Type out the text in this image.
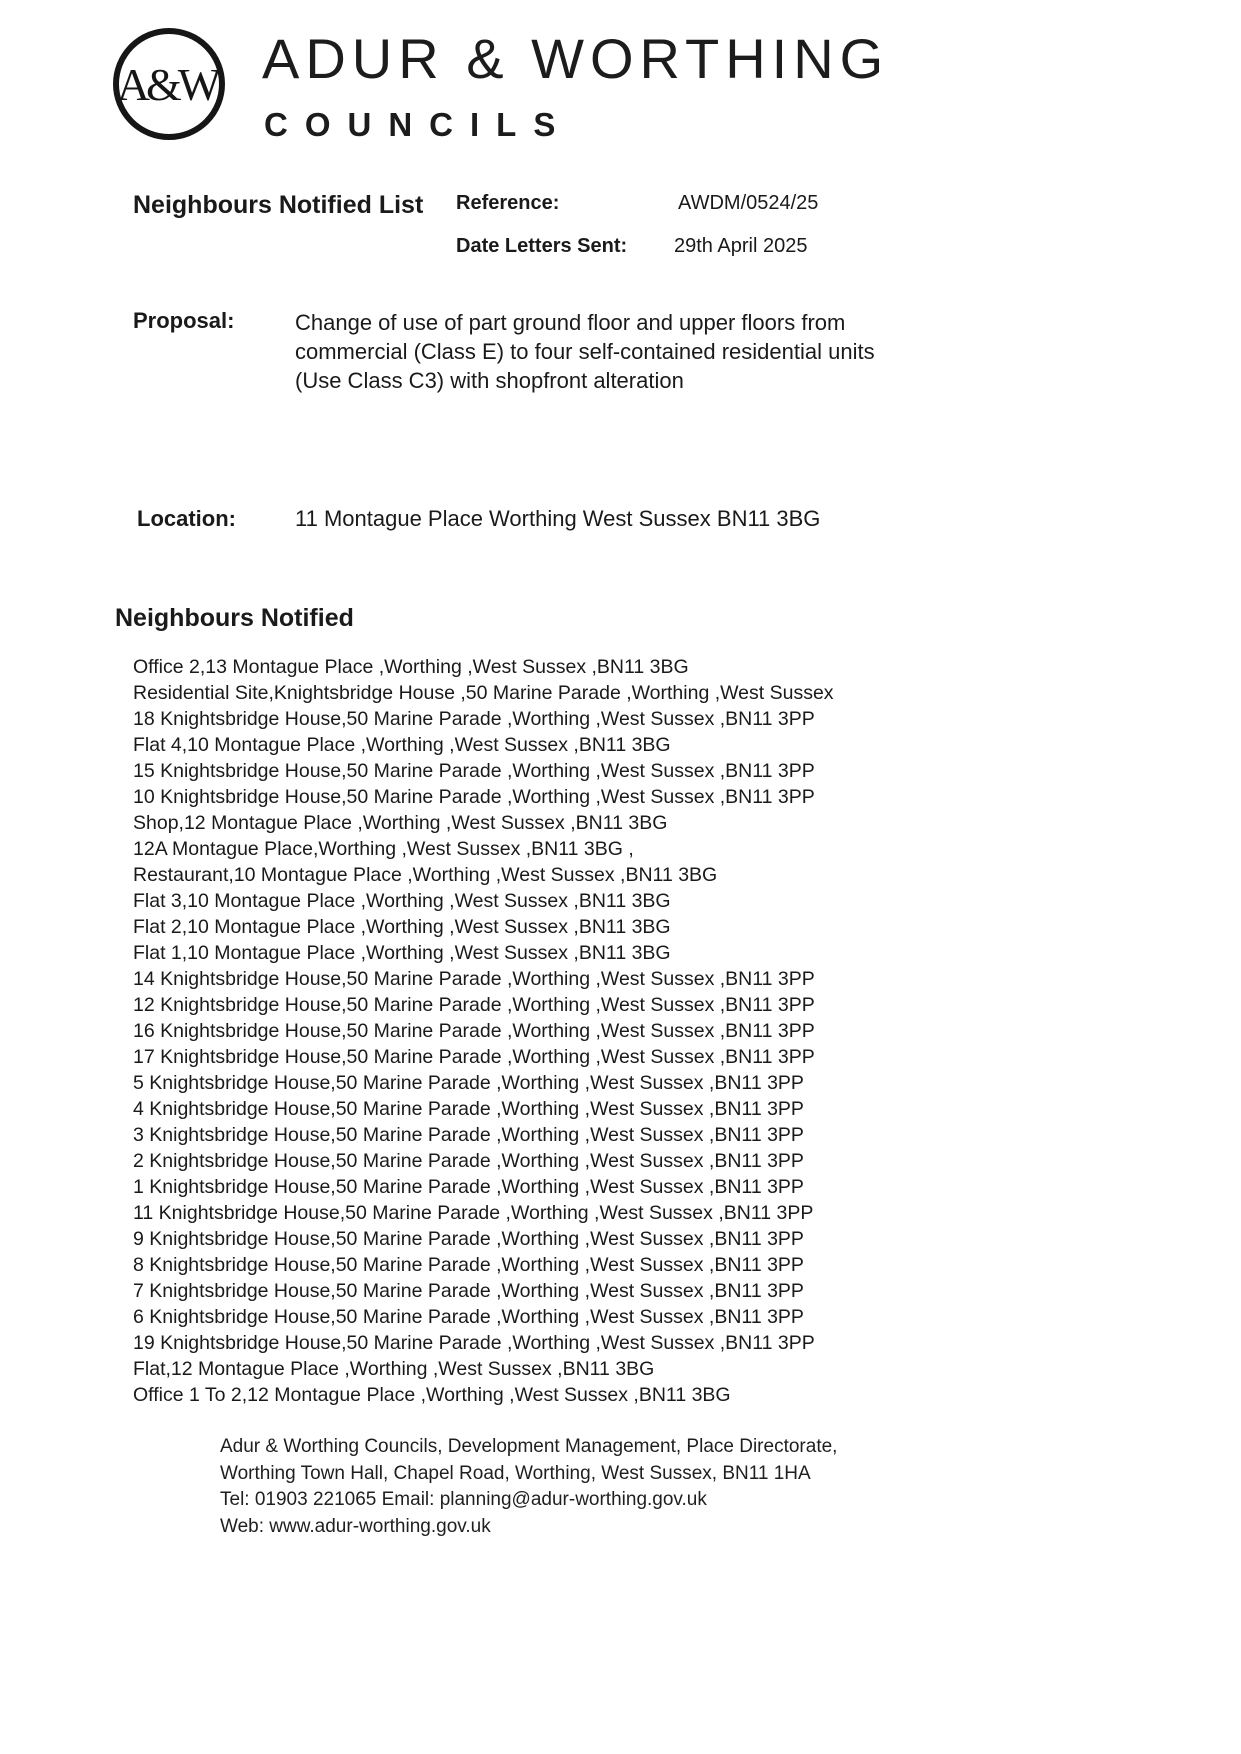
A&W ADUR & WORTHING
COUNCILS
Neighbours Notified List Reference:	AWDM/0524/25
Date Letters Sent: 29th April 2025
Proposal:	Change of use of part ground floor and upper floors from commercial (Class E) to four self-contained residential units (Use Class C3) with shopfront alteration
Location:	11 Montague Place Worthing West Sussex BN11 3BG
Neighbours Notified
Office 2,13 Montague Place ,Worthing ,West Sussex ,BN11 3BG
Residential Site,Knightsbridge House ,50 Marine Parade ,Worthing ,West Sussex
18 Knightsbridge House,50 Marine Parade ,Worthing ,West Sussex ,BN11 3PP
Flat 4,10 Montague Place ,Worthing ,West Sussex ,BN11 3BG
15 Knightsbridge House,50 Marine Parade ,Worthing ,West Sussex ,BN11 3PP
10 Knightsbridge House,50 Marine Parade ,Worthing ,West Sussex ,BN11 3PP
Shop,12 Montague Place ,Worthing ,West Sussex ,BN11 3BG
12A Montague Place,Worthing ,West Sussex ,BN11 3BG ,
Restaurant,10 Montague Place ,Worthing ,West Sussex ,BN11 3BG
Flat 3,10 Montague Place ,Worthing ,West Sussex ,BN11 3BG
Flat 2,10 Montague Place ,Worthing ,West Sussex ,BN11 3BG
Flat 1,10 Montague Place ,Worthing ,West Sussex ,BN11 3BG
14 Knightsbridge House,50 Marine Parade ,Worthing ,West Sussex ,BN11 3PP
12 Knightsbridge House,50 Marine Parade ,Worthing ,West Sussex ,BN11 3PP
16 Knightsbridge House,50 Marine Parade ,Worthing ,West Sussex ,BN11 3PP
17 Knightsbridge House,50 Marine Parade ,Worthing ,West Sussex ,BN11 3PP
5 Knightsbridge House,50 Marine Parade ,Worthing ,West Sussex ,BN11 3PP
4 Knightsbridge House,50 Marine Parade ,Worthing ,West Sussex ,BN11 3PP
3 Knightsbridge House,50 Marine Parade ,Worthing ,West Sussex ,BN11 3PP
2 Knightsbridge House,50 Marine Parade ,Worthing ,West Sussex ,BN11 3PP
1 Knightsbridge House,50 Marine Parade ,Worthing ,West Sussex ,BN11 3PP
11 Knightsbridge House,50 Marine Parade ,Worthing ,West Sussex ,BN11 3PP
9 Knightsbridge House,50 Marine Parade ,Worthing ,West Sussex ,BN11 3PP
8 Knightsbridge House,50 Marine Parade ,Worthing ,West Sussex ,BN11 3PP
7 Knightsbridge House,50 Marine Parade ,Worthing ,West Sussex ,BN11 3PP
6 Knightsbridge House,50 Marine Parade ,Worthing ,West Sussex ,BN11 3PP
19 Knightsbridge House,50 Marine Parade ,Worthing ,West Sussex ,BN11 3PP
Flat,12 Montague Place ,Worthing ,West Sussex ,BN11 3BG
Office 1 To 2,12 Montague Place ,Worthing ,West Sussex ,BN11 3BG
Adur & Worthing Councils, Development Management, Place Directorate,
Worthing Town Hall, Chapel Road, Worthing, West Sussex, BN11 1HA
Tel: 01903 221065 Email: planning@adur-worthing.gov.uk
Web: www.adur-worthing.gov.uk
